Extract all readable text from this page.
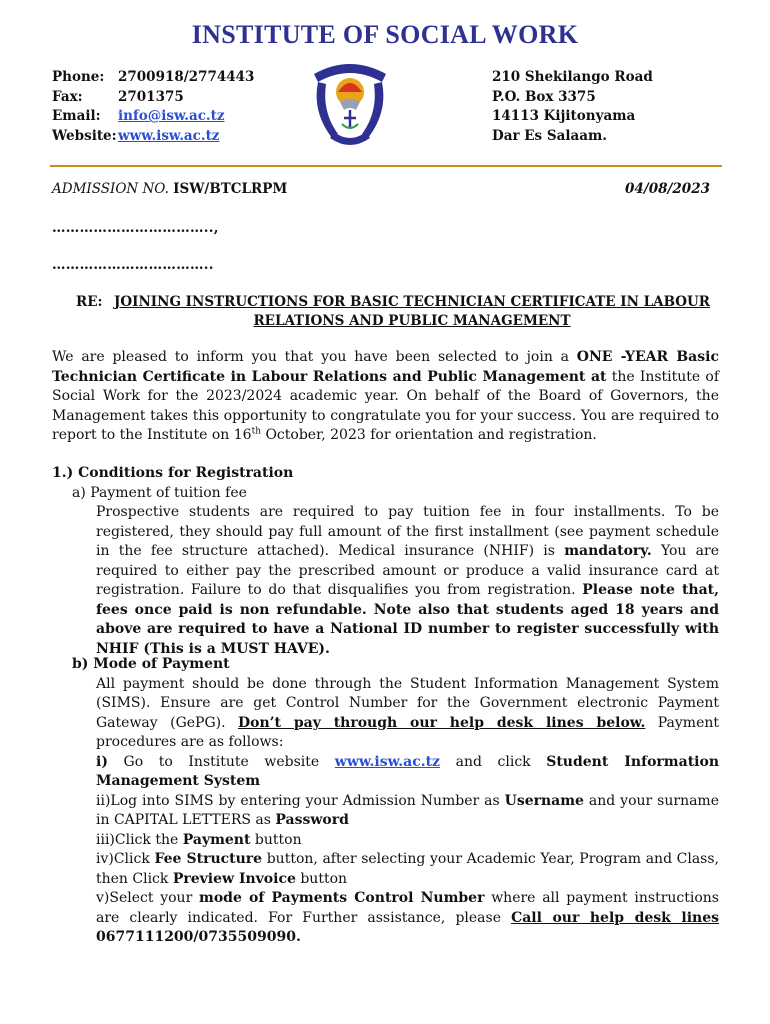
INSTITUTE OF SOCIAL WORK
Phone:	2700918/2774443
Fax:	2701375
Email:	info@isw.ac.tz
Website: www.isw.ac.tz
210 Shekilango Road
P.O. Box 3375
14113 Kijitonyama
Dar Es Salaam.
ADMISSION NO. ISW/BTCLRPM	04/08/2023
……………………………..,
……………………………..
RE: JOINING INSTRUCTIONS FOR BASIC TECHNICIAN CERTIFICATE IN LABOUR RELATIONS AND PUBLIC MANAGEMENT

We are pleased to inform you that you have been selected to join a ONE -YEAR Basic Technician Certificate in Labour Relations and Public Management at the Institute of Social Work for the 2023/2024 academic year. On behalf of the Board of Governors, the Management takes this opportunity to congratulate you for your success. You are required to report to the Institute on 16th October, 2023 for orientation and registration.

1.) Conditions for Registration
a) Payment of tuition fee

Prospective students are required to pay tuition fee in four installments. To be registered, they should pay full amount of the first installment (see payment schedule in the fee structure attached). Medical insurance (NHIF) is mandatory. You are required to either pay the prescribed amount or produce a valid insurance card at registration. Failure to do that disqualifies you from registration. Please note that, fees once paid is non refundable. Note also that students aged 18 years and above are required to have a National ID number to register successfully with NHIF (This is a MUST HAVE).

b) Mode of Payment

All payment should be done through the Student Information Management System (SIMS). Ensure are get Control Number for the Government electronic Payment Gateway (GePG). Don’t pay through our help desk lines below. Payment procedures are as follows:

i) Go to Institute website www.isw.ac.tz and click Student Information Management System

ii)Log into SIMS by entering your Admission Number as Username and your surname in CAPITAL LETTERS as Password

iii)Click the Payment button

iv)Click Fee Structure button, after selecting your Academic Year, Program and Class, then Click Preview Invoice button

v)Select your mode of Payments Control Number where all payment instructions are clearly indicated. For Further assistance, please Call our help desk lines 0677111200/0735509090.
